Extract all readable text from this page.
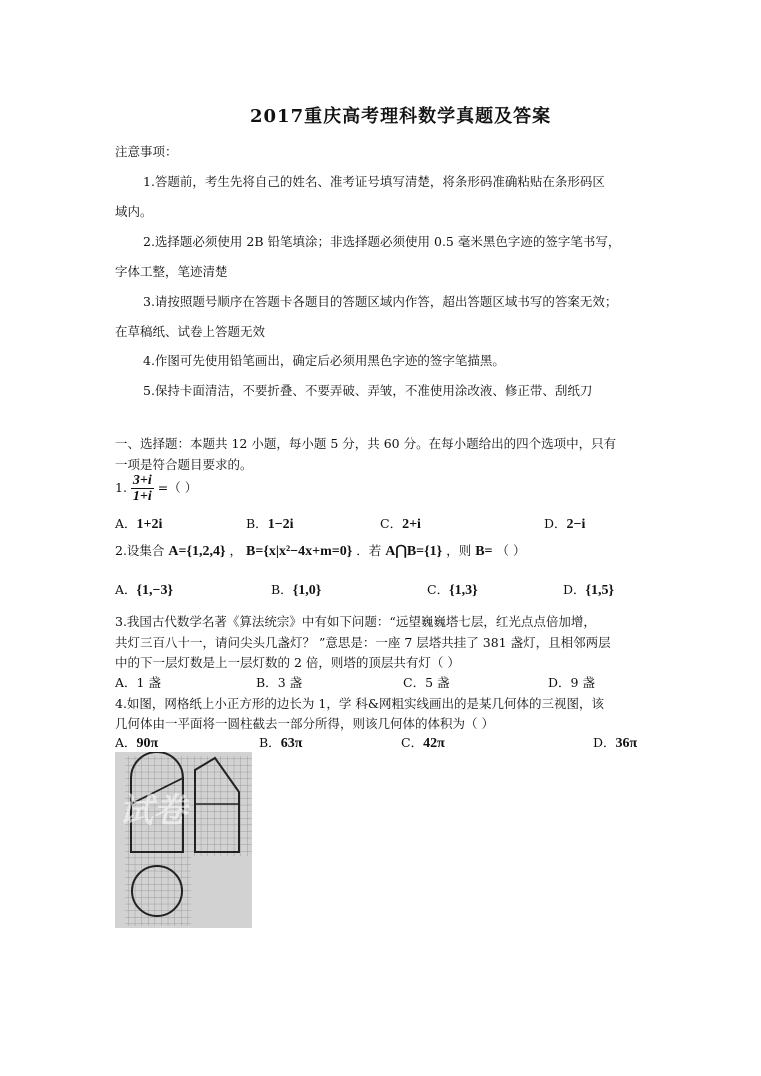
2017重庆高考理科数学真题及答案
注意事项：
1.答题前，考生先将自己的姓名、准考证号填写清楚，将条形码准确粘贴在条形码区
域内。
2.选择题必须使用 2B 铅笔填涂；非选择题必须使用 0.5 毫米黑色字迹的签字笔书写，
字体工整，笔迹清楚
3.请按照题号顺序在答题卡各题目的答题区域内作答，超出答题区域书写的答案无效；
在草稿纸、试卷上答题无效
4.作图可先使用铅笔画出，确定后必须用黑色字迹的签字笔描黑。
5.保持卡面清洁，不要折叠、不要弄破、弄皱，不准使用涂改液、修正带、刮纸刀
一、选择题：本题共 12 小题，每小题 5 分，共 60 分。在每小题给出的四个选项中，只有
一项是符合题目要求的。
1. $\frac{3+i}{1+i}$ =（ ）
A．1+2i	B．1−2i	C．2+i	D．2−i
2.设集合 A={1,2,4} ， B={x|x²−4x+m=0} ．若 A⋂B={1} ，则 B= （ ）
A．{1,−3}	B．{1,0}	C．{1,3}	D．{1,5}
3.我国古代数学名著《算法统宗》中有如下问题：“远望巍巍塔七层，红光点点倍加增，
共灯三百八十一，请问尖头几盏灯？ ”意思是：一座 7 层塔共挂了 381 盏灯，且相邻两层
中的下一层灯数是上一层灯数的 2 倍，则塔的顶层共有灯（ ）
A．1 盏	B．3 盏	C．5 盏	D．9 盏
4.如图，网格纸上小正方形的边长为 1，学 科&网粗实线画出的是某几何体的三视图，该
几何体由一平面将一圆柱截去一部分所得，则该几何体的体积为（ ）
A．90π	B．63π	C．42π	D．36π
试卷
